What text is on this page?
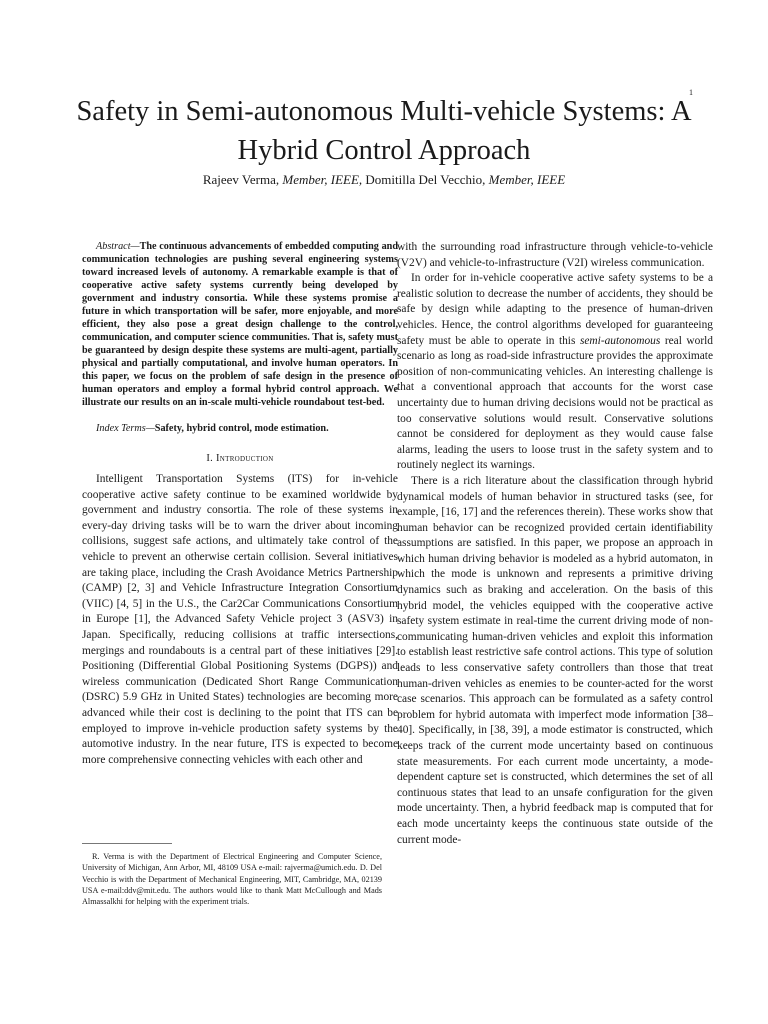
1
Safety in Semi-autonomous Multi-vehicle Systems: A Hybrid Control Approach
Rajeev Verma, Member, IEEE, Domitilla Del Vecchio, Member, IEEE

Abstract—The continuous advancements of embedded computing and communication technologies are pushing several engineering systems toward increased levels of autonomy. A remarkable example is that of cooperative active safety systems currently being developed by government and industry consortia. While these systems promise a future in which transportation will be safer, more enjoyable, and more efficient, they also pose a great design challenge to the control, communication, and computer science communities. That is, safety must be guaranteed by design despite these systems are multi-agent, partially physical and partially computational, and involve human operators. In this paper, we focus on the problem of safe design in the presence of human operators and employ a formal hybrid control approach. We illustrate our results on an in-scale multi-vehicle roundabout test-bed.

Index Terms—Safety, hybrid control, mode estimation.

I. Introduction

Intelligent Transportation Systems (ITS) for in-vehicle cooperative active safety continue to be examined worldwide by government and industry consortia. The role of these systems in every-day driving tasks will be to warn the driver about incoming collisions, suggest safe actions, and ultimately take control of the vehicle to prevent an otherwise certain collision. Several initiatives are taking place, including the Crash Avoidance Metrics Partnership (CAMP) [2, 3] and Vehicle Infrastructure Integration Consortium (VIIC) [4, 5] in the U.S., the Car2Car Communications Consortium in Europe [1], the Advanced Safety Vehicle project 3 (ASV3) in Japan. Specifically, reducing collisions at traffic intersections, mergings and roundabouts is a central part of these initiatives [29]. Positioning (Differential Global Positioning Systems (DGPS)) and wireless communication (Dedicated Short Range Communication (DSRC) 5.9 GHz in United States) technologies are becoming more advanced while their cost is declining to the point that ITS can be employed to improve in-vehicle production safety systems by the automotive industry. In the near future, ITS is expected to become more comprehensive connecting vehicles with each other and

R. Verma is with the Department of Electrical Engineering and Computer Science, University of Michigan, Ann Arbor, MI, 48109 USA e-mail: rajverma@umich.edu. D. Del Vecchio is with the Department of Mechanical Engineering, MIT, Cambridge, MA, 02139 USA e-mail:ddv@mit.edu. The authors would like to thank Matt McCullough and Mads Almassalkhi for helping with the experiment trials.

with the surrounding road infrastructure through vehicle-to-vehicle (V2V) and vehicle-to-infrastructure (V2I) wireless communication.

In order for in-vehicle cooperative active safety systems to be a realistic solution to decrease the number of accidents, they should be safe by design while adapting to the presence of human-driven vehicles. Hence, the control algorithms developed for guaranteeing safety must be able to operate in this semi-autonomous real world scenario as long as road-side infrastructure provides the approximate position of non-communicating vehicles. An interesting challenge is that a conventional approach that accounts for the worst case uncertainty due to human driving decisions would not be practical as too conservative solutions would result. Conservative solutions cannot be considered for deployment as they would cause false alarms, leading the users to loose trust in the safety system and to routinely neglect its warnings.

There is a rich literature about the classification through hybrid dynamical models of human behavior in structured tasks (see, for example, [16, 17] and the references therein). These works show that human behavior can be recognized provided certain identifiability assumptions are satisfied. In this paper, we propose an approach in which human driving behavior is modeled as a hybrid automaton, in which the mode is unknown and represents a primitive driving dynamics such as braking and acceleration. On the basis of this hybrid model, the vehicles equipped with the cooperative active safety system estimate in real-time the current driving mode of non-communicating human-driven vehicles and exploit this information to establish least restrictive safe control actions. This type of solution leads to less conservative safety controllers than those that treat human-driven vehicles as enemies to be counter-acted for the worst case scenarios. This approach can be formulated as a safety control problem for hybrid automata with imperfect mode information [38–40]. Specifically, in [38, 39], a mode estimator is constructed, which keeps track of the current mode uncertainty based on continuous state measurements. For each current mode uncertainty, a mode-dependent capture set is constructed, which determines the set of all continuous states that lead to an unsafe configuration for the given mode uncertainty. Then, a hybrid feedback map is computed that for each mode uncertainty keeps the continuous state outside of the current mode-
